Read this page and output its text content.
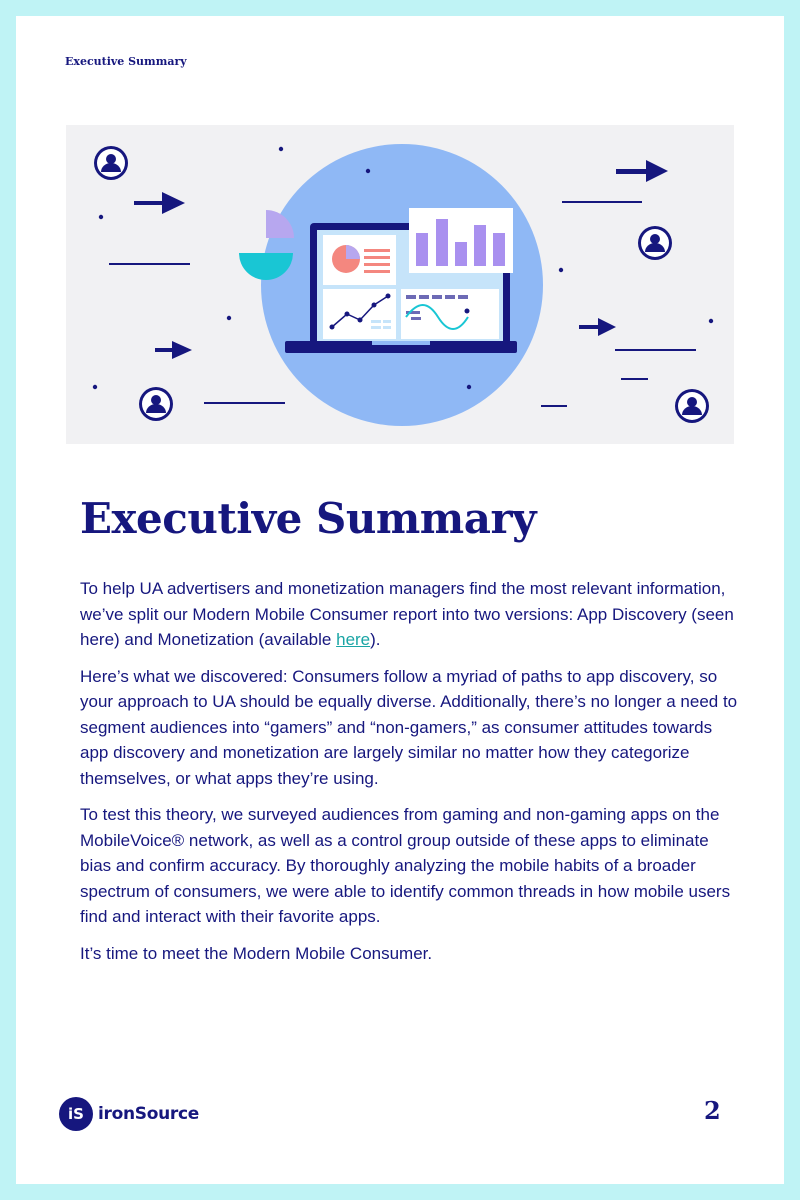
Executive Summary
Executive Summary

To help UA advertisers and monetization managers find the most relevant information, we’ve split our Modern Mobile Consumer report into two versions: App Discovery (seen here) and Monetization (available here).

Here’s what we discovered: Consumers follow a myriad of paths to app discovery, so your approach to UA should be equally diverse. Additionally, there’s no longer a need to segment audiences into “gamers” and “non-gamers,” as consumer attitudes towards app discovery and monetization are largely similar no matter how they categorize themselves, or what apps they’re using.

To test this theory, we surveyed audiences from gaming and non-gaming apps on the MobileVoice® network, as well as a control group outside of these apps to eliminate bias and confirm accuracy. By thoroughly analyzing the mobile habits of a broader spectrum of consumers, we were able to identify common threads in how mobile users find and interact with their favorite apps.

It’s time to meet the Modern Mobile Consumer.

iS ironSource	2
